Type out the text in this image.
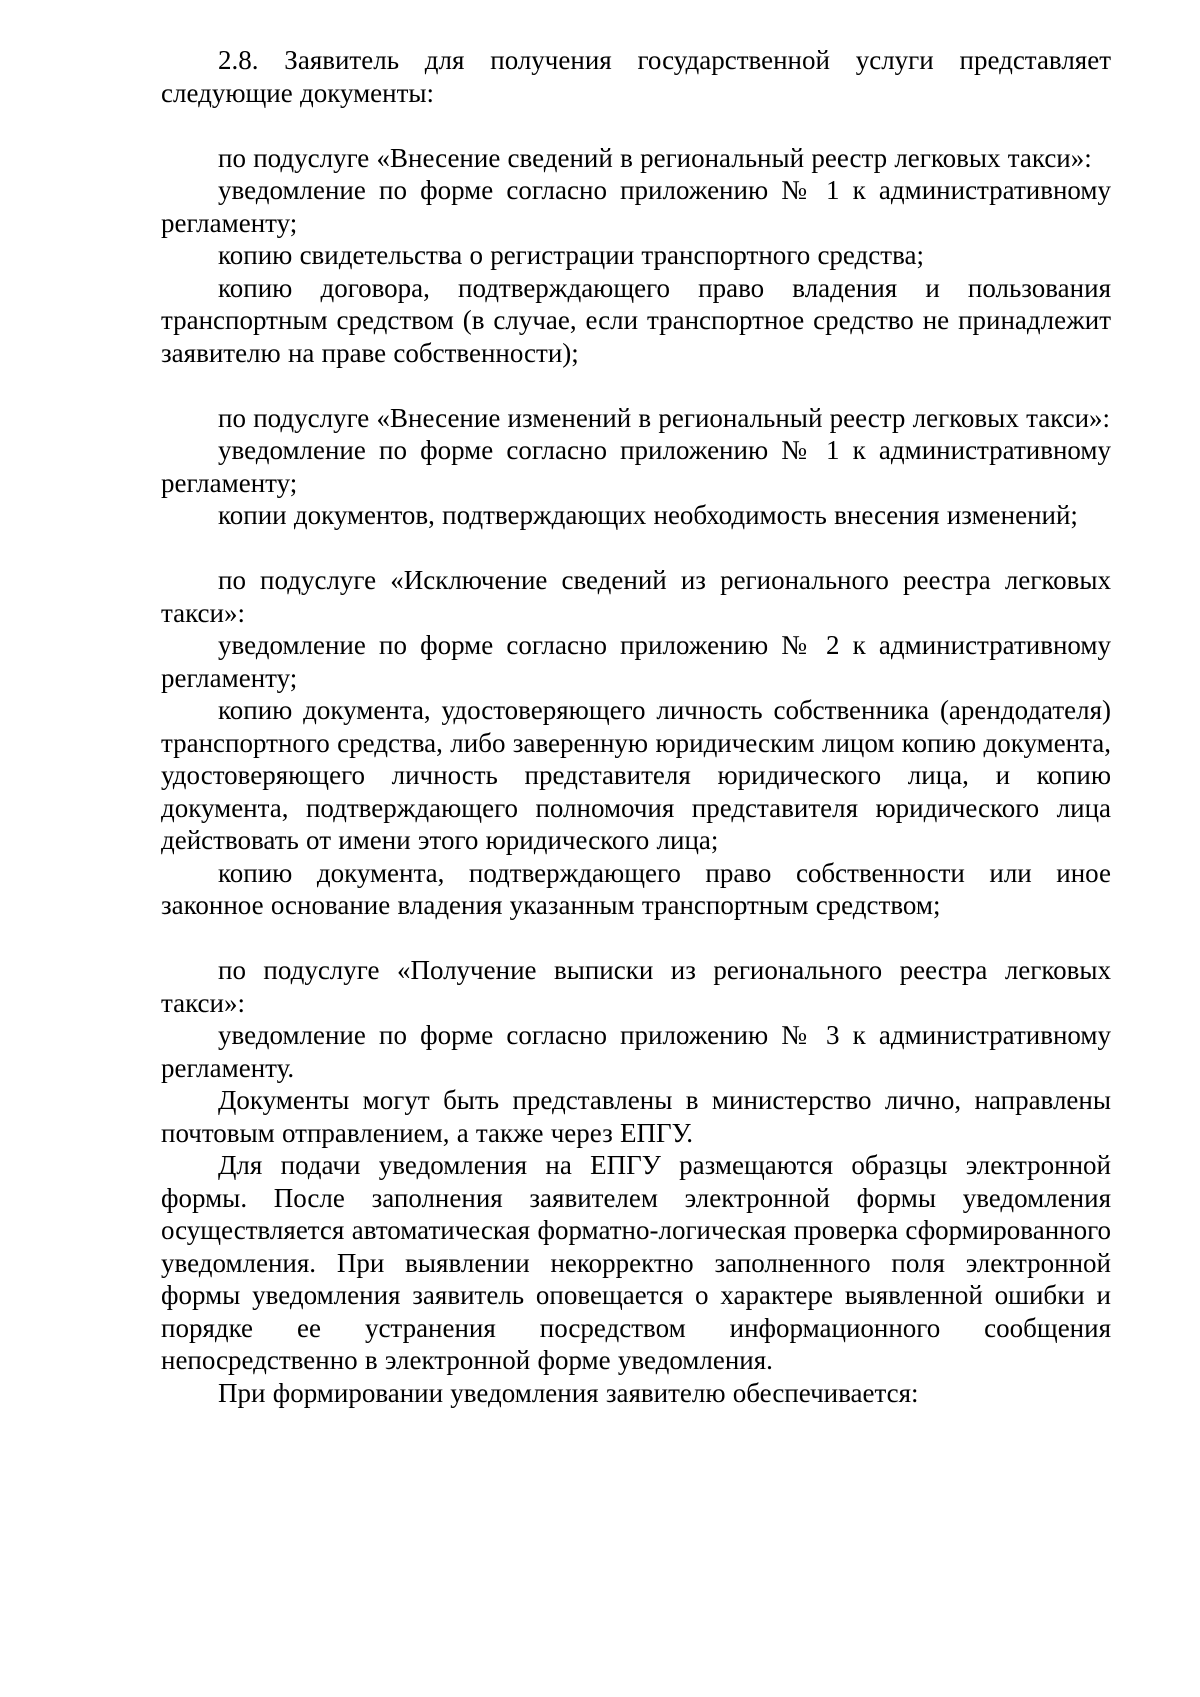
2.8. Заявитель для получения государственной услуги представляет следующие документы:

по подуслуге «Внесение сведений в региональный реестр легковых такси»:

уведомление по форме согласно приложению № 1 к административному регламенту;

копию свидетельства о регистрации транспортного средства;

копию договора, подтверждающего право владения и пользования транспортным средством (в случае, если транспортное средство не принадлежит заявителю на праве собственности);

по подуслуге «Внесение изменений в региональный реестр легковых такси»:

уведомление по форме согласно приложению № 1 к административному регламенту;

копии документов, подтверждающих необходимость внесения изменений;

по подуслуге «Исключение сведений из регионального реестра легковых такси»:

уведомление по форме согласно приложению № 2 к административному регламенту;

копию документа, удостоверяющего личность собственника (арендодателя) транспортного средства, либо заверенную юридическим лицом копию документа, удостоверяющего личность представителя юридического лица, и копию документа, подтверждающего полномочия представителя юридического лица действовать от имени этого юридического лица;

копию документа, подтверждающего право собственности или иное законное основание владения указанным транспортным средством;

по подуслуге «Получение выписки из регионального реестра легковых такси»:

уведомление по форме согласно приложению № 3 к административному регламенту.

Документы могут быть представлены в министерство лично, направлены почтовым отправлением, а также через ЕПГУ.

Для подачи уведомления на ЕПГУ размещаются образцы электронной формы. После заполнения заявителем электронной формы уведомления осуществляется автоматическая форматно-логическая проверка сформированного уведомления. При выявлении некорректно заполненного поля электронной формы уведомления заявитель оповещается о характере выявленной ошибки и порядке ее устранения посредством информационного сообщения непосредственно в электронной форме уведомления.

При формировании уведомления заявителю обеспечивается:
